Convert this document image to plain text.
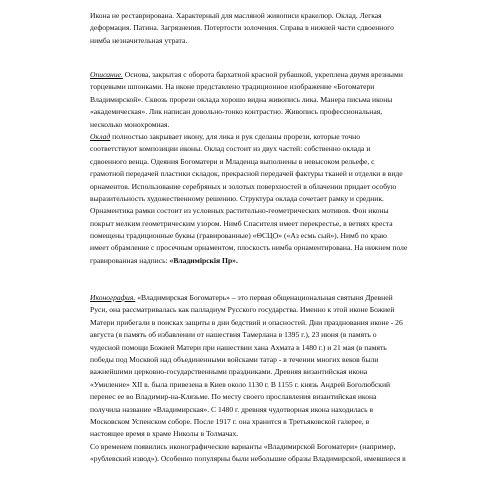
Икона не реставрирована. Характерный для масляной живописи кракелюр. Оклад. Легкая
деформация. Патина. Загрязнения. Потертости золочения. Справа в нижней части сдвоенного
нимба незначительная утрата.
Описание. Основа, закрытая с оборота бархатной красной рубашкой, укреплена двумя врезными
торцевыми шпонками. На иконе представлено традиционное изображение «Богоматери
Владимирской». Сквозь прорези оклада хорошо видна живопись лика. Манера письма иконы
«академическая». Лик написан довольно-тонко контрастно. Живопись профессиональная,
несколько монохромная.
Оклад полностью закрывает икону, для лика и рук сделаны прорези, которые точно
соответствуют композиции иконы. Оклад состоит из двух частей: собственно оклада и
сдвоенного венца. Одеяния Богоматери и Младенца выполнены в невысоком рельефе, с
грамотной передачей пластики складок, прекрасной передачей фактуры тканей и отделки в виде
орнаментов. Использование серебряных и золотых поверхностей в облачении придает особую
выразительность художественному решению. Структура оклада сочетает рамку и средник.
Орнаментика рамки состоит из условных растительно-геометрических мотивов. Фон иконы
покрыт мелким геометрическим узором. Нимб Спасителя имеет перекрестье, в ветвях креста
помещены традиционные буквы (гравированные) «ѲСЦѺ» («Аз есмь сый»). Нимб по краю
имеет обрамление с просечным орнаментом, плоскость нимба орнаментирована. На нижнем поле
гравированная надпись: «Владимiрскiя Пр».
Иконография. «Владимирская Богоматерь» – это первая общенациональная святыня Древней
Руси, она рассматривалась как палладиум Русского государства. Именно к этой иконе Божией
Матери прибегали в поисках защиты в дни бедствий и опасностей. Дни празднования иконе - 26
августа (в память об избавлении от нашествия Тамерлана в 1395 г.), 23 июня (в память о
чудесной помощи Божией Матери при нашествии хана Ахмата в 1480 г.) и 21 мая (в память
победы под Москвой над объединенными войсками татар - в течении многих веков были
важнейшими церковно-государственными праздниками. Древняя византийская икона
«Умиление» XII в. была привезена в Киев около 1130 г. В 1155 г. князь Андрей Боголюбский
перенес ее во Владимир-на-Клязьме. По месту своего прославления византийская икона
получила название «Владимирская». С 1480 г. древняя чудотворная икона находилась в
Московском Успенском соборе. После 1917 г. она хранится в Третьяковской галерее, в
настоящее время в храме Николы в Толмачах.
Со временем появились иконографические варианты «Владимирской Богоматери» (например,
«рублевский извод»). Особенно популярны были небольшие образы Владимирской, имевшиеся в
